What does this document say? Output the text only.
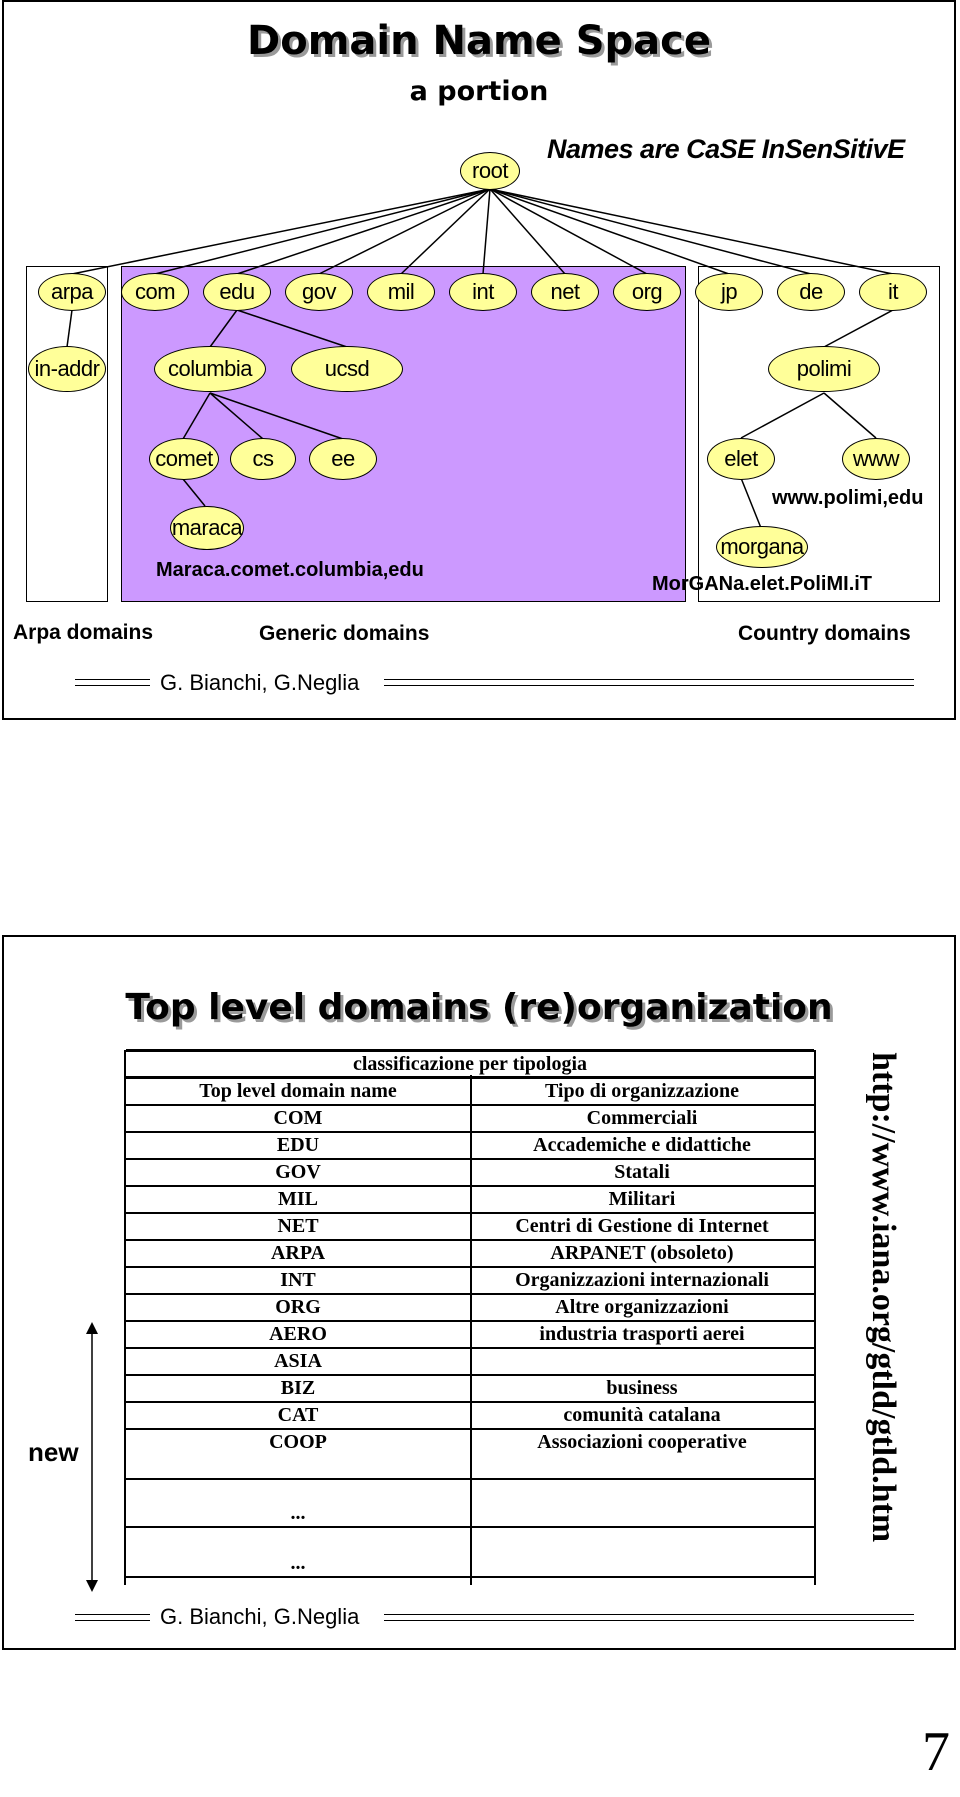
Domain Name Space
a portion
Names are CaSE InSenSitivE
root
arpa	com	edu	gov	mil	int	net	org	jp	de	it
in-addr	columbia	ucsd	polimi
comet	cs	ee	elet	www
maraca
morgana
Maraca.comet.columbia,edu
www.polimi,edu
MorGANa.elet.PoliMI.iT
Arpa domains	Generic domains	Country domains
G. Bianchi, G.Neglia
Top level domains (re)organization
classificazione per tipologia	
Top level domain name	Tipo di organizzazione
COM	Commerciali
EDU	Accademiche e didattiche
GOV	Statali
MIL	Militari
NET	Centri di Gestione di Internet
ARPA	ARPANET (obsoleto)
INT	Organizzazioni internazionali
ORG	Altre organizzazioni
AERO	industria trasporti aerei
ASIA	
BIZ	business
CAT	comunità catalana
COOP	Associazioni cooperative
...	
...	
new	http://www.iana.org/gtld/gtld.htm
G. Bianchi, G.Neglia
7
